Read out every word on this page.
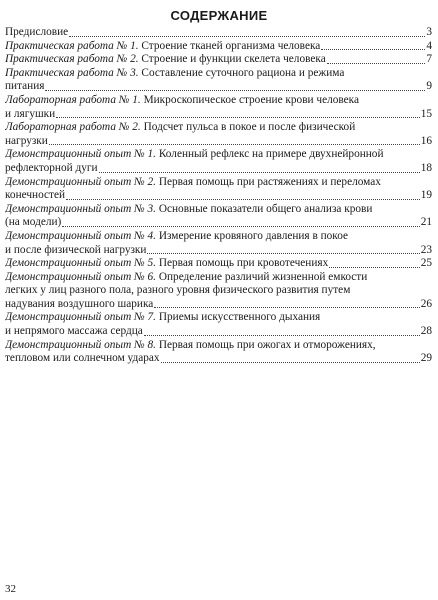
СОДЕРЖАНИЕ
Предисловие	3
Практическая работа № 1. Строение тканей организма человека	4
Практическая работа № 2. Строение и функции скелета человека	7
Практическая работа № 3. Составление суточного рациона и режима
питания	9
Лабораторная работа № 1. Микроскопическое строение крови человека
и лягушки	15
Лабораторная работа № 2. Подсчет пульса в покое и после физической
нагрузки	16
Демонстрационный опыт № 1. Коленный рефлекс на примере двухнейронной
рефлекторной дуги	18
Демонстрационный опыт № 2. Первая помощь при растяжениях и переломах
конечностей	19
Демонстрационный опыт № 3. Основные показатели общего анализа крови
(на модели)	21
Демонстрационный опыт № 4. Измерение кровяного давления в покое
и после физической нагрузки	23
Демонстрационный опыт № 5. Первая помощь при кровотечениях	25
Демонстрационный опыт № 6. Определение различий жизненной емкости
легких у лиц разного пола, разного уровня физического развития путем
надувания воздушного шарика	26
Демонстрационный опыт № 7. Приемы искусственного дыхания
и непрямого массажа сердца	28
Демонстрационный опыт № 8. Первая помощь при ожогах и отморожениях,
тепловом или солнечном ударах	29
32
